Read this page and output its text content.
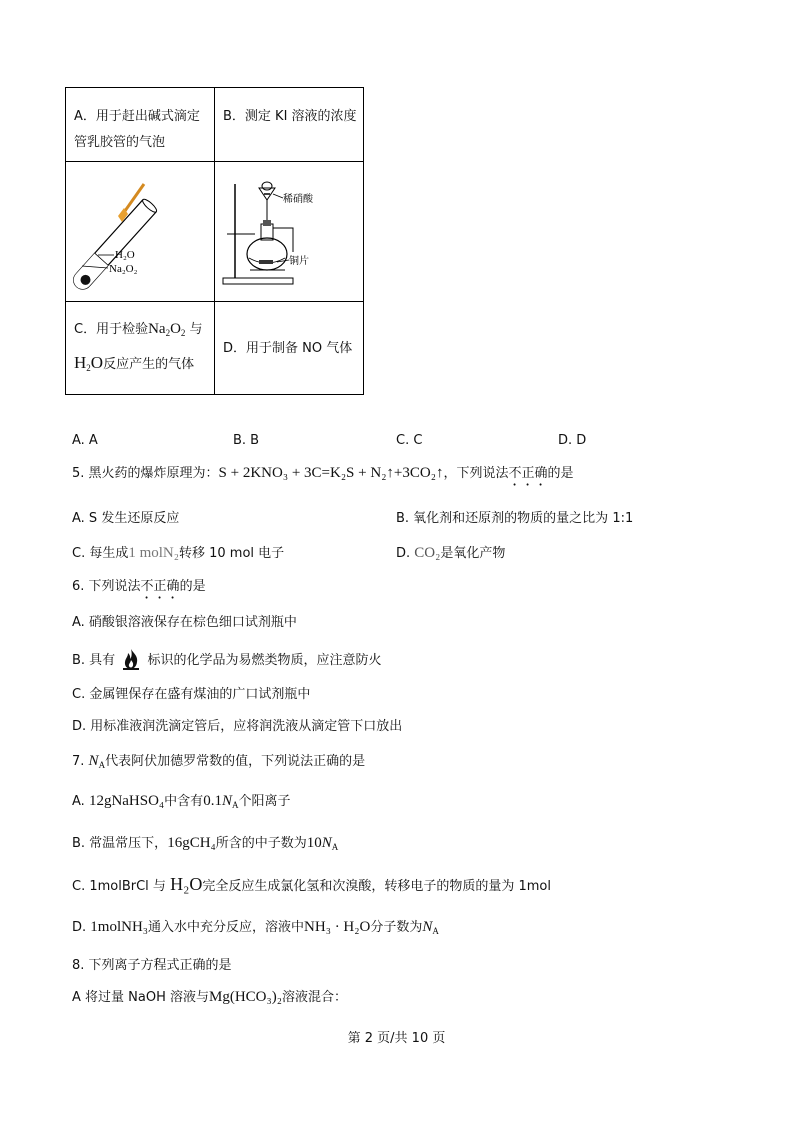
A．用于赶出碱式滴定管乳胶管的气泡	B．测定 KI 溶液的浓度

H₂O
Na₂O₂	稀硝酸
铜片

C．用于检验$Na_2O_2$ 与
$H_2O$反应产生的气体	D．用于制备 NO 气体
A. A	B. B	C. C	D. D
5. 黑火药的爆炸原理为：S + 2KNO₃ + 3C=K₂S + N₂↑+3CO₂↑，下列说法不正确的是
A. S 发生还原反应	B. 氧化剂和还原剂的物质的量之比为 1:1
C. 每生成1 molN₂转移 10 mol 电子	D. CO₂是氧化产物
6. 下列说法不正确的是
A. 硝酸银溶液保存在棕色细口试剂瓶中
B. 具有 标识的化学品为易燃类物质，应注意防火
C. 金属锂保存在盛有煤油的广口试剂瓶中
D. 用标准液润洗滴定管后，应将润洗液从滴定管下口放出
7. $N_A$代表阿伏加德罗常数的值，下列说法正确的是
A. 12gNaHSO₄中含有$0.1N_A$个阳离子
B. 常温常压下，16gCH₄所含的中子数为$10N_A$
C. 1molBrCl 与 H₂O完全反应生成氯化氢和次溴酸，转移电子的物质的量为 1mol
D. 1molNH₃通入水中充分反应，溶液中NH₃ · H₂O分子数为$N_A$
8. 下列离子方程式正确的是
A 将过量 NaOH 溶液与Mg(HCO₃)₂溶液混合：
第 2 页/共 10 页
